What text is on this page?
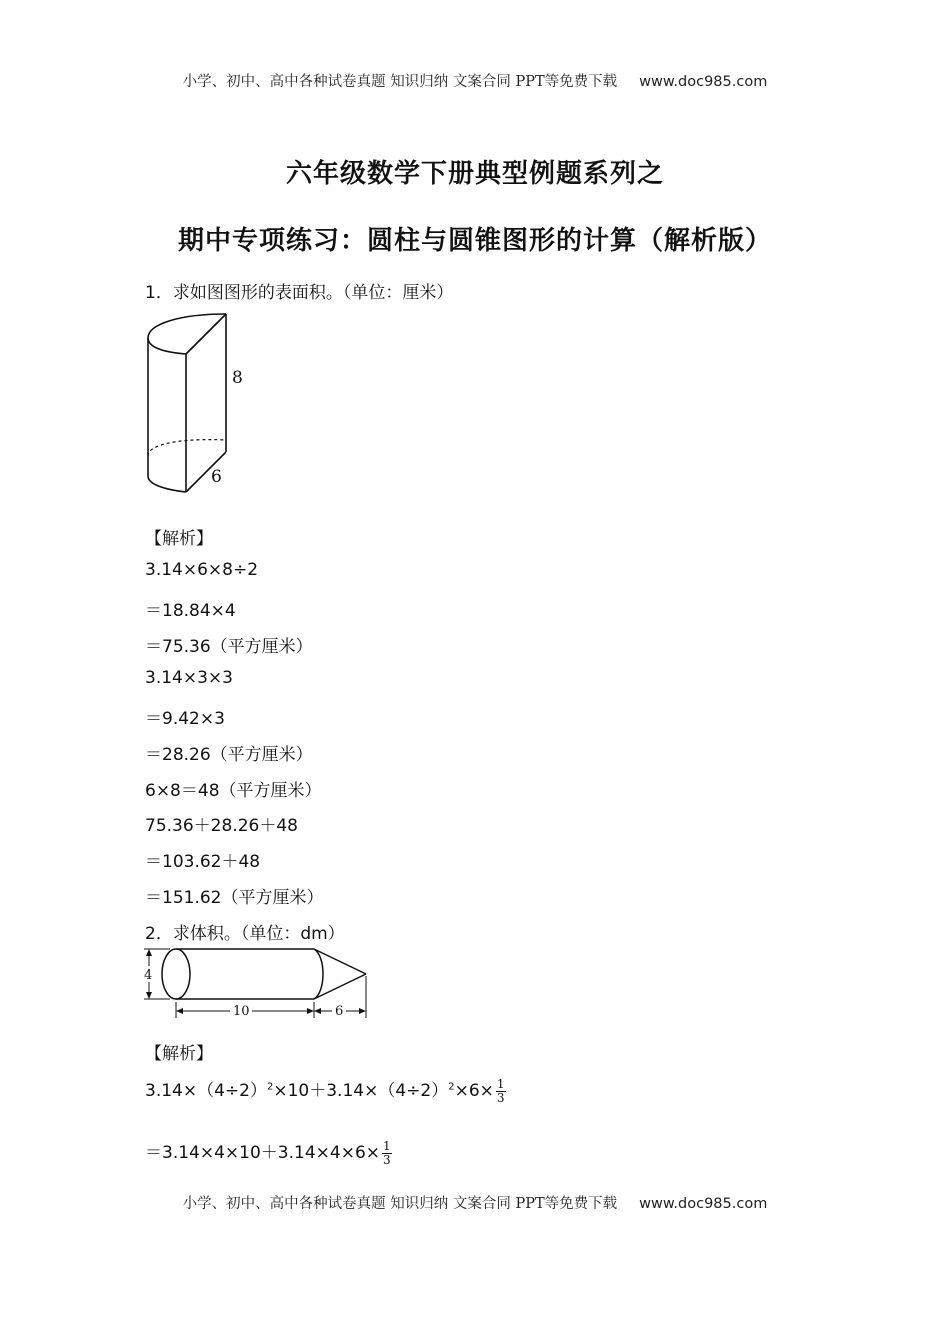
小学、初中、高中各种试卷真题 知识归纳 文案合同 PPT等免费下载 www.doc985.com
六年级数学下册典型例题系列之
期中专项练习：圆柱与圆锥图形的计算（解析版）
1．求如图图形的表面积。（单位：厘米）
8
6
【解析】
3.14×6×8÷2
＝18.84×4
＝75.36（平方厘米）
3.14×3×3
＝9.42×3
＝28.26（平方厘米）
6×8＝48（平方厘米）
75.36＋28.26＋48
＝103.62＋48
＝151.62（平方厘米）
2．求体积。（单位：dm）
4
10	6
【解析】
$3.14\times(4\div 2)^2\times 10+3.14\times(4\div 2)^2\times 6\times \frac{1}{3}$
$=3.14\times 4\times 10+3.14\times 4\times 6\times \frac{1}{3}$
小学、初中、高中各种试卷真题 知识归纳 文案合同 PPT等免费下载 www.doc985.com
